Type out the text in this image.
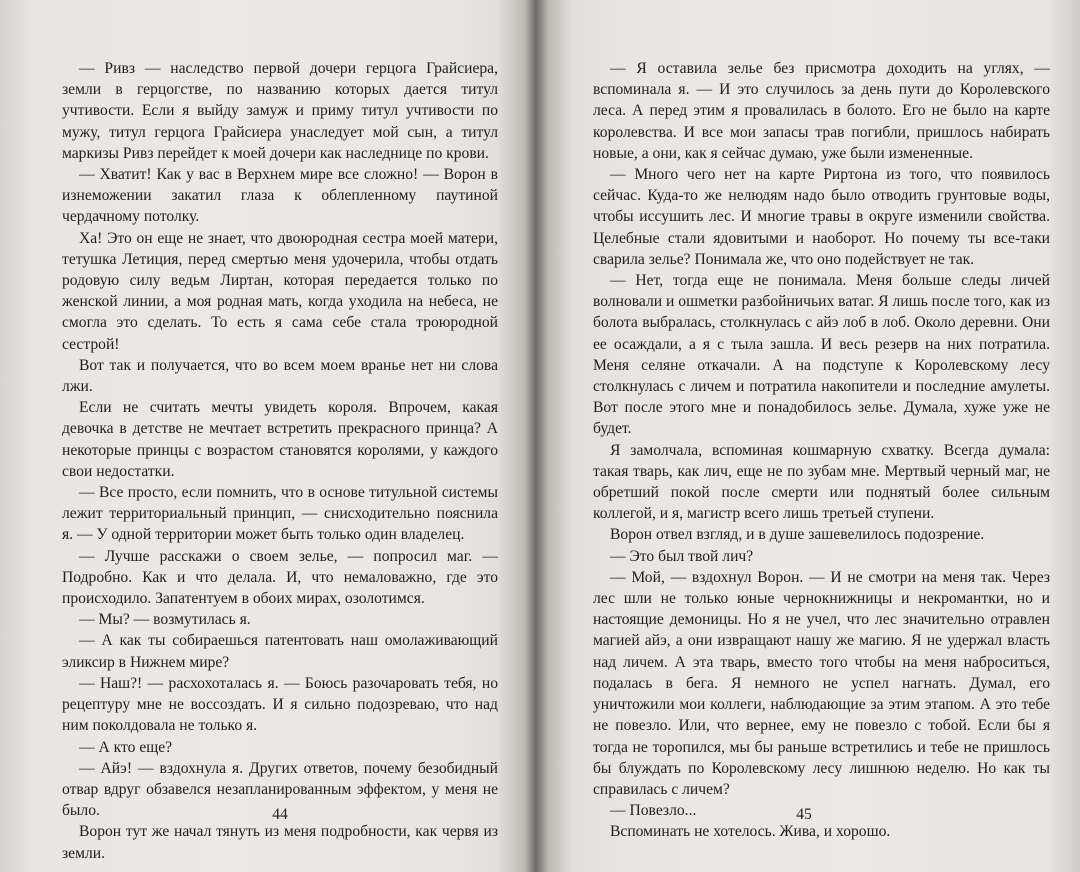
— Ривз — наследство первой дочери герцога Грайсиера, земли в герцогстве, по названию которых дается титул учтивости. Если я выйду замуж и приму титул учтивости по мужу, титул герцога Грайсиера унаследует мой сын, а титул маркизы Ривз перейдет к моей дочери как наследнице по крови.

— Хватит! Как у вас в Верхнем мире все сложно! — Ворон в изнеможении закатил глаза к облепленному паутиной чердачному потолку.

Ха! Это он еще не знает, что двоюродная сестра моей матери, тетушка Летиция, перед смертью меня удочерила, чтобы отдать родовую силу ведьм Лиртан, которая передается только по женской линии, а моя родная мать, когда уходила на небеса, не смогла это сделать. То есть я сама себе стала троюродной сестрой!

Вот так и получается, что во всем моем вранье нет ни слова лжи.

Если не считать мечты увидеть короля. Впрочем, какая девочка в детстве не мечтает встретить прекрасного принца? А некоторые принцы с возрастом становятся королями, у каждого свои недостатки.

— Все просто, если помнить, что в основе титульной системы лежит территориальный принцип, — снисходительно пояснила я. — У одной территории может быть только один владелец.

— Лучше расскажи о своем зелье, — попросил маг. — Подробно. Как и что делала. И, что немаловажно, где это происходило. Запатентуем в обоих мирах, озолотимся.

— Мы? — возмутилась я.

— А как ты собираешься патентовать наш омолаживающий эликсир в Нижнем мире?

— Наш?! — расхохоталась я. — Боюсь разочаровать тебя, но рецептуру мне не воссоздать. И я сильно подозреваю, что над ним поколдовала не только я.

— А кто еще?

— Айэ! — вздохнула я. Других ответов, почему безобидный отвар вдруг обзавелся незапланированным эффектом, у меня не было.

Ворон тут же начал тянуть из меня подробности, как червя из земли.

44

— Я оставила зелье без присмотра доходить на углях, — вспоминала я. — И это случилось за день пути до Королевского леса. А перед этим я провалилась в болото. Его не было на карте королевства. И все мои запасы трав погибли, пришлось набирать новые, а они, как я сейчас думаю, уже были измененные.

— Много чего нет на карте Риртона из того, что появилось сейчас. Куда-то же нелюдям надо было отводить грунтовые воды, чтобы иссушить лес. И многие травы в округе изменили свойства. Целебные стали ядовитыми и наоборот. Но почему ты все-таки сварила зелье? Понимала же, что оно подействует не так.

— Нет, тогда еще не понимала. Меня больше следы личей волновали и ошметки разбойничьих ватаг. Я лишь после того, как из болота выбралась, столкнулась с айэ лоб в лоб. Около деревни. Они ее осаждали, а я с тыла зашла. И весь резерв на них потратила. Меня селяне откачали. А на подступе к Королевскому лесу столкнулась с личем и потратила накопители и последние амулеты. Вот после этого мне и понадобилось зелье. Думала, хуже уже не будет.

Я замолчала, вспоминая кошмарную схватку. Всегда думала: такая тварь, как лич, еще не по зубам мне. Мертвый черный маг, не обретший покой после смерти или поднятый более сильным коллегой, и я, магистр всего лишь третьей ступени.

Ворон отвел взгляд, и в душе зашевелилось подозрение.

— Это был твой лич?

— Мой, — вздохнул Ворон. — И не смотри на меня так. Через лес шли не только юные чернокнижницы и некромантки, но и настоящие демоницы. Но я не учел, что лес значительно отравлен магией айэ, а они извращают нашу же магию. Я не удержал власть над личем. А эта тварь, вместо того чтобы на меня наброситься, подалась в бега. Я немного не успел нагнать. Думал, его уничтожили мои коллеги, наблюдающие за этим этапом. А это тебе не повезло. Или, что вернее, ему не повезло с тобой. Если бы я тогда не торопился, мы бы раньше встретились и тебе не пришлось бы блуждать по Королевскому лесу лишнюю неделю. Но как ты справилась с личем?

— Повезло...

Вспоминать не хотелось. Жива, и хорошо.

45
